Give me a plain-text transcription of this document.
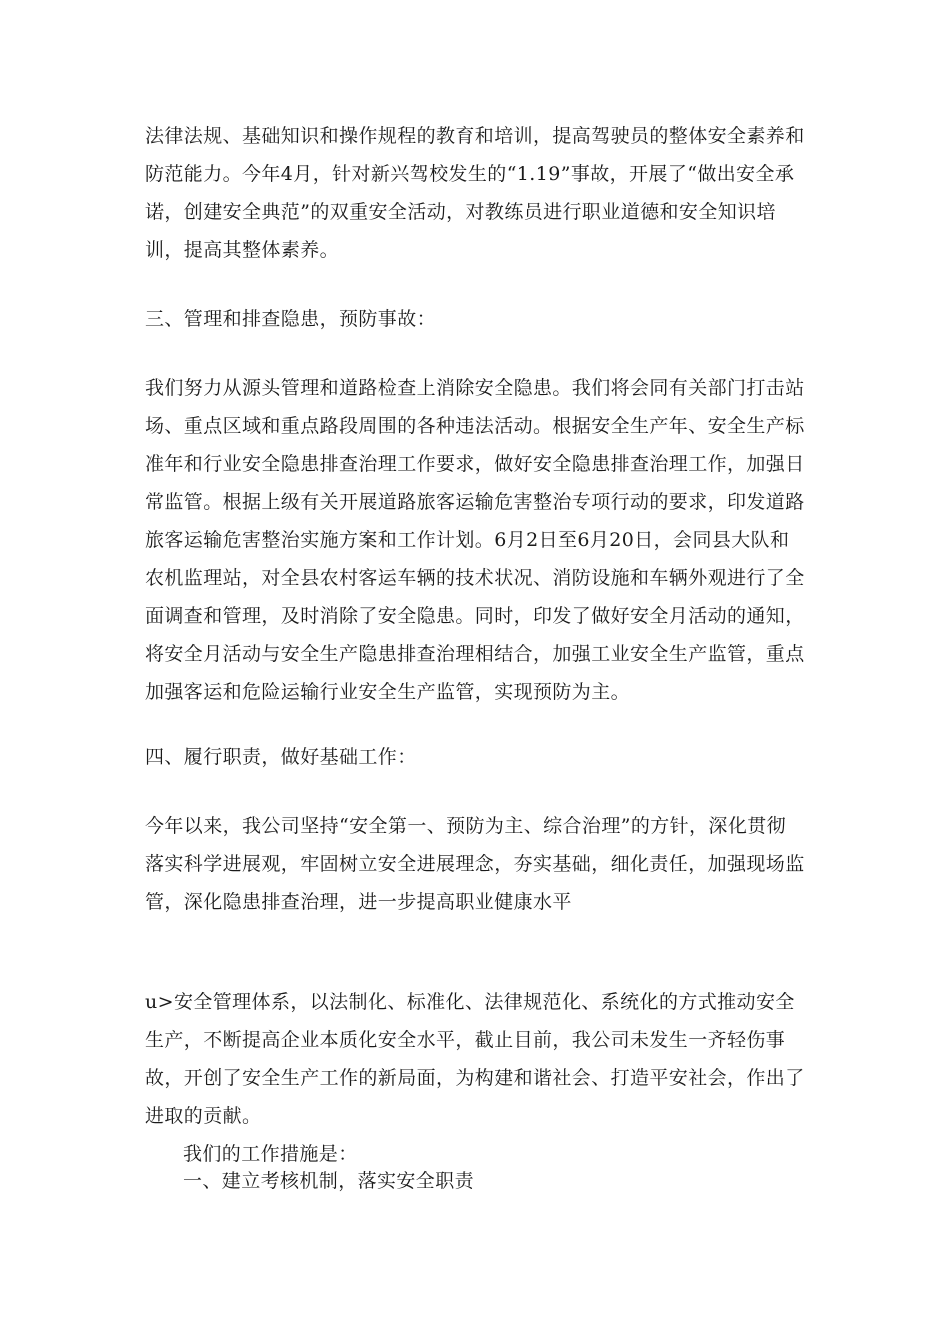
法律法规、基础知识和操作规程的教育和培训，提高驾驶员的整体安全素养和防范能力。今年4月，针对新兴驾校发生的“1.19”事故，开展了“做出安全承诺，创建安全典范”的双重安全活动，对教练员进行职业道德和安全知识培训，提高其整体素养。

三、管理和排查隐患，预防事故：

我们努力从源头管理和道路检查上消除安全隐患。我们将会同有关部门打击站场、重点区域和重点路段周围的各种违法活动。根据安全生产年、安全生产标准年和行业安全隐患排查治理工作要求，做好安全隐患排查治理工作，加强日常监管。根据上级有关开展道路旅客运输危害整治专项行动的要求，印发道路旅客运输危害整治实施方案和工作计划。6月2日至6月20日，会同县大队和农机监理站，对全县农村客运车辆的技术状况、消防设施和车辆外观进行了全面调查和管理，及时消除了安全隐患。同时，印发了做好安全月活动的通知，将安全月活动与安全生产隐患排查治理相结合，加强工业安全生产监管，重点加强客运和危险运输行业安全生产监管，实现预防为主。

四、履行职责，做好基础工作：

今年以来，我公司坚持“安全第一、预防为主、综合治理”的方针，深化贯彻落实科学进展观，牢固树立安全进展理念，夯实基础，细化责任，加强现场监管，深化隐患排查治理，进一步提高职业健康水平

u>安全管理体系，以法制化、标准化、法律规范化、系统化的方式推动安全生产，不断提高企业本质化安全水平，截止目前，我公司未发生一齐轻伤事故，开创了安全生产工作的新局面，为构建和谐社会、打造平安社会，作出了进取的贡献。

我们的工作措施是：

一、建立考核机制，落实安全职责
